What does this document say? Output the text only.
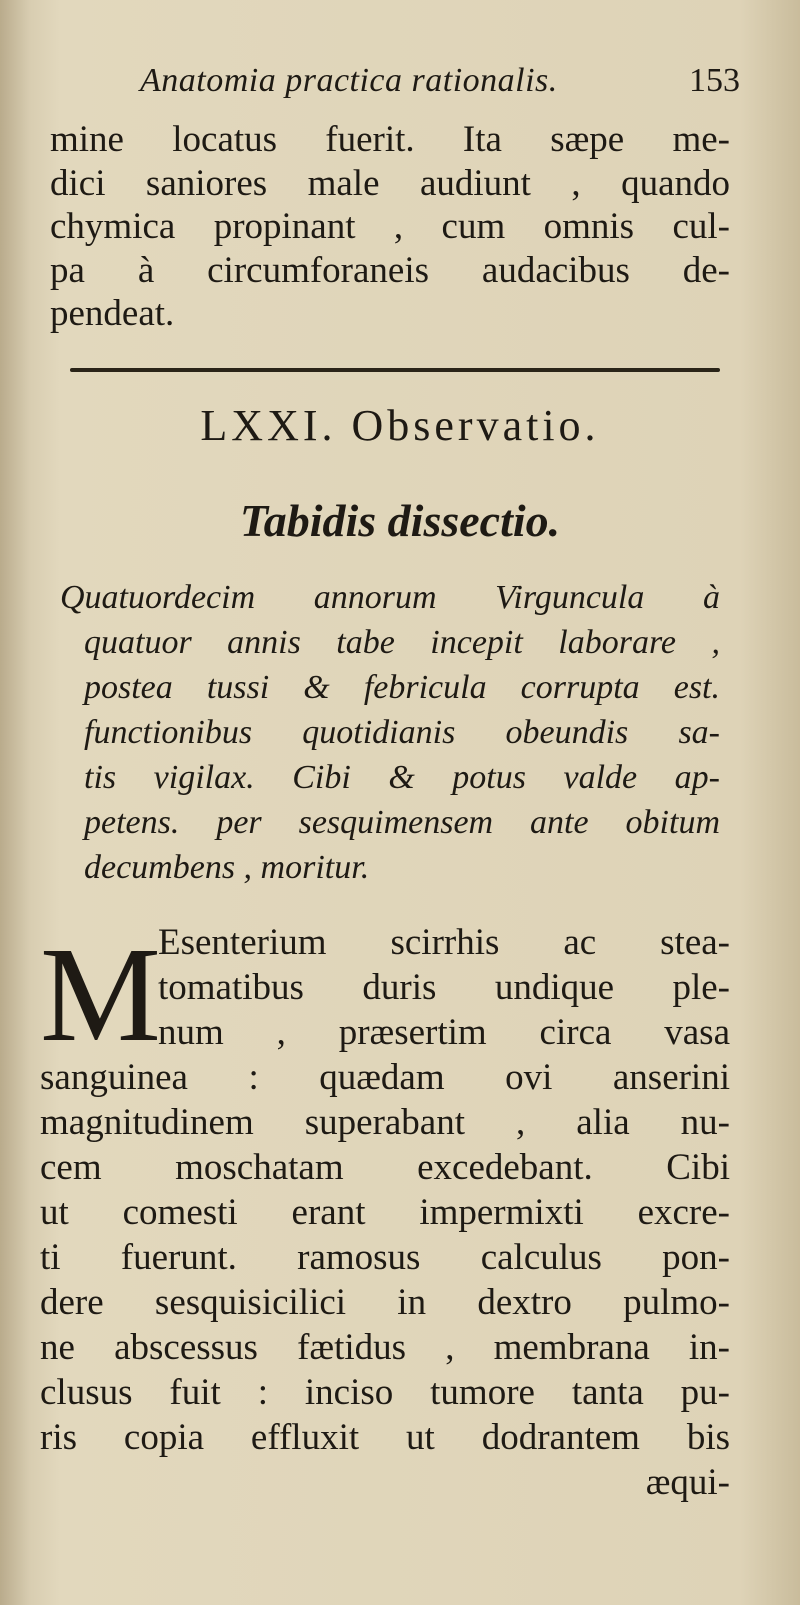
Anatomia practica rationalis.	153
mine locatus fuerit. Ita sæpe me-
dici saniores male audiunt , quando
chymica propinant , cum omnis cul-
pa à circumforaneis audacibus de-
pendeat.
LXXI. Observatio.
Tabidis dissectio.
Quatuordecim annorum Virguncula à
quatuor annis tabe incepit laborare ,
postea tussi & febricula corrupta est.
functionibus quotidianis obeundis sa-
tis vigilax. Cibi & potus valde ap-
petens. per sesquimensem ante obitum
decumbens , moritur.
M
Esenterium scirrhis ac stea-
tomatibus duris undique ple-
num , præsertim circa vasa
sanguinea : quædam ovi anserini
magnitudinem superabant , alia nu-
cem moschatam excedebant. Cibi
ut comesti erant impermixti excre-
ti fuerunt. ramosus calculus pon-
dere sesquisicilici in dextro pulmo-
ne abscessus fætidus , membrana in-
clusus fuit : inciso tumore tanta pu-
ris copia effluxit ut dodrantem bis
æqui-
